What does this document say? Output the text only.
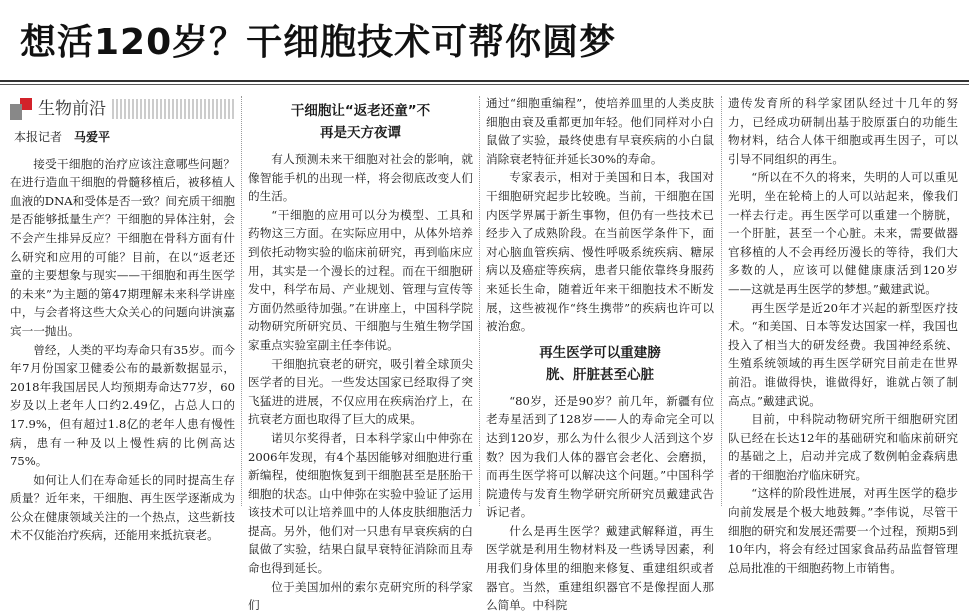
想活120岁？干细胞技术可帮你圆梦
生物前沿
本报记者 马爱平

接受干细胞的治疗应该注意哪些问题？在进行造血干细胞的骨髓移植后，被移植人血液的DNA和受体是否一致？间充质干细胞是否能够抵量生产？干细胞的异体注射，会不会产生排异反应？干细胞在骨科方面有什么研究和应用的可能？目前，在以“返老还童的主要想象与现实——干细胞和再生医学的未来”为主题的第47期理解未来科学讲座中，与会者将这些大众关心的问题向讲演嘉宾一一抛出。

曾经，人类的平均寿命只有35岁。而今年7月份国家卫健委公布的最新数据显示，2018年我国居民人均预期寿命达77岁，60岁及以上老年人口约2.49亿，占总人口的17.9%，但有超过1.8亿的老年人患有慢性病，患有一种及以上慢性病的比例高达75%。

如何让人们在寿命延长的同时提高生存质量？近年来，干细胞、再生医学逐渐成为公众在健康领域关注的一个热点，这些新技术不仅能治疗疾病，还能用来抵抗衰老。

干细胞让“返老还童”不
再是天方夜谭

有人预测未来干细胞对社会的影响，就像智能手机的出现一样，将会彻底改变人们的生活。

“干细胞的应用可以分为模型、工具和药物这三方面。在实际应用中，从体外培养到依托动物实验的临床前研究，再到临床应用，其实是一个漫长的过程。而在干细胞研发中，科学布局、产业规划、管理与宣传等方面仍然亟待加强。”在讲座上，中国科学院动物研究所研究员、干细胞与生殖生物学国家重点实验室副主任李伟说。

干细胞抗衰老的研究，吸引着全球顶尖医学者的目光。一些发达国家已经取得了突飞猛进的进展，不仅应用在疾病治疗上，在抗衰老方面也取得了巨大的成果。

诺贝尔奖得者，日本科学家山中伸弥在2006年发现，有4个基因能够对细胞进行重新编程，使细胞恢复到干细胞甚至是胚胎干细胞的状态。山中伸弥在实验中验证了运用该技术可以让培养皿中的人体皮肤细胞活力提高。另外，他们对一只患有早衰疾病的白鼠做了实验，结果白鼠早衰特征消除而且寿命也得到延长。

位于美国加州的索尔克研究所的科学家们

通过“细胞重编程”，使培养皿里的人类皮肤细胞由衰及重都更加年轻。他们同样对小白鼠做了实验，最终使患有早衰疾病的小白鼠消除衰老特征并延长30%的寿命。

专家表示，相对于美国和日本，我国对干细胞研究起步比较晚。当前，干细胞在国内医学界属于新生事物，但仍有一些技术已经步入了成熟阶段。在当前医学条件下，面对心脑血管疾病、慢性呼吸系统疾病、糖尿病以及癌症等疾病，患者只能依靠终身服药来延长生命，随着近年来干细胞技术不断发展，这些被视作“终生携带”的疾病也许可以被治愈。

再生医学可以重建膀
胱、肝脏甚至心脏

“80岁，还是90岁？前几年，新疆有位老寿星活到了128岁——人的寿命完全可以达到120岁，那么为什么很少人活到这个岁数？因为我们人体的器官会老化、会磨损，而再生医学将可以解决这个问题。”中国科学院遗传与发育生物学研究所研究员戴建武告诉记者。

什么是再生医学？戴建武解释道，再生医学就是利用生物材料及一些诱导因素，利用我们身体里的细胞来修复、重建组织或者器官。当然，重建组织器官不是像捏面人那么简单。中科院

遗传发育所的科学家团队经过十几年的努力，已经成功研制出基于胶原蛋白的功能生物材料，结合人体干细胞或再生因子，可以引导不同组织的再生。

“所以在不久的将来，失明的人可以重见光明，坐在轮椅上的人可以站起来，像我们一样去行走。再生医学可以重建一个膀胱，一个肝脏，甚至一个心脏。未来，需要做器官移植的人不会再经历漫长的等待，我们大多数的人，应该可以健健康康活到120岁——这就是再生医学的梦想。”戴建武说。

再生医学是近20年才兴起的新型医疗技术。“和美国、日本等发达国家一样，我国也投入了相当大的研发经费。我国神经系统、生殖系统领域的再生医学研究目前走在世界前沿。谁做得快，谁做得好，谁就占领了制高点。”戴建武说。

目前，中科院动物研究所干细胞研究团队已经在长达12年的基础研究和临床前研究的基础之上，启动并完成了数例帕金森病患者的干细胞治疗临床研究。

“这样的阶段性进展，对再生医学的稳步向前发展是个极大地鼓舞。”李伟说，尽管干细胞的研究和发展还需要一个过程，预期5到10年内，将会有经过国家食品药品监督管理总局批准的干细胞药物上市销售。
